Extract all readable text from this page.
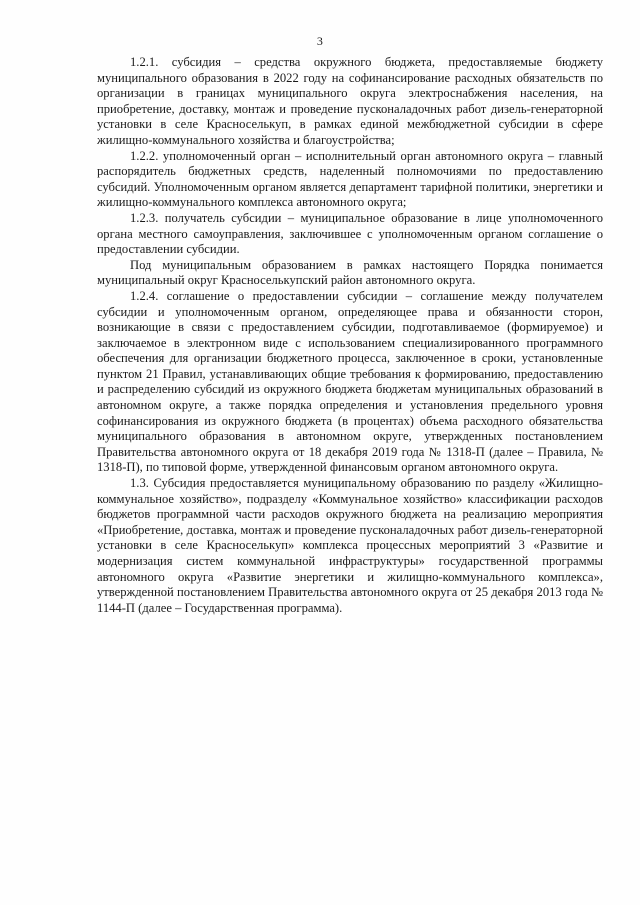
3

1.2.1. субсидия – средства окружного бюджета, предоставляемые бюджету муниципального образования в 2022 году на софинансирование расходных обязательств по организации в границах муниципального округа электроснабжения населения, на приобретение, доставку, монтаж и проведение пусконаладочных работ дизель-генераторной установки в селе Красноселькуп, в рамках единой межбюджетной субсидии в сфере жилищно-коммунального хозяйства и благоустройства;

1.2.2. уполномоченный орган – исполнительный орган автономного округа – главный распорядитель бюджетных средств, наделенный полномочиями по предоставлению субсидий. Уполномоченным органом является департамент тарифной политики, энергетики и жилищно-коммунального комплекса автономного округа;

1.2.3. получатель субсидии – муниципальное образование в лице уполномоченного органа местного самоуправления, заключившее с уполномоченным органом соглашение о предоставлении субсидии.

Под муниципальным образованием в рамках настоящего Порядка понимается муниципальный округ Красноселькупский район автономного округа.

1.2.4. соглашение о предоставлении субсидии – соглашение между получателем субсидии и уполномоченным органом, определяющее права и обязанности сторон, возникающие в связи с предоставлением субсидии, подготавливаемое (формируемое) и заключаемое в электронном виде с использованием специализированного программного обеспечения для организации бюджетного процесса, заключенное в сроки, установленные пунктом 21 Правил, устанавливающих общие требования к формированию, предоставлению и распределению субсидий из окружного бюджета бюджетам муниципальных образований в автономном округе, а также порядка определения и установления предельного уровня софинансирования из окружного бюджета (в процентах) объема расходного обязательства муниципального образования в автономном округе, утвержденных постановлением Правительства автономного округа от 18 декабря 2019 года № 1318-П (далее – Правила, № 1318-П), по типовой форме, утвержденной финансовым органом автономного округа.

1.3. Субсидия предоставляется муниципальному образованию по разделу «Жилищно-коммунальное хозяйство», подразделу «Коммунальное хозяйство» классификации расходов бюджетов программной части расходов окружного бюджета на реализацию мероприятия «Приобретение, доставка, монтаж и проведение пусконаладочных работ дизель-генераторной установки в селе Красноселькуп» комплекса процессных мероприятий 3 «Развитие и модернизация систем коммунальной инфраструктуры» государственной программы автономного округа «Развитие энергетики и жилищно-коммунального комплекса», утвержденной постановлением Правительства автономного округа от 25 декабря 2013 года № 1144-П (далее – Государственная программа).
